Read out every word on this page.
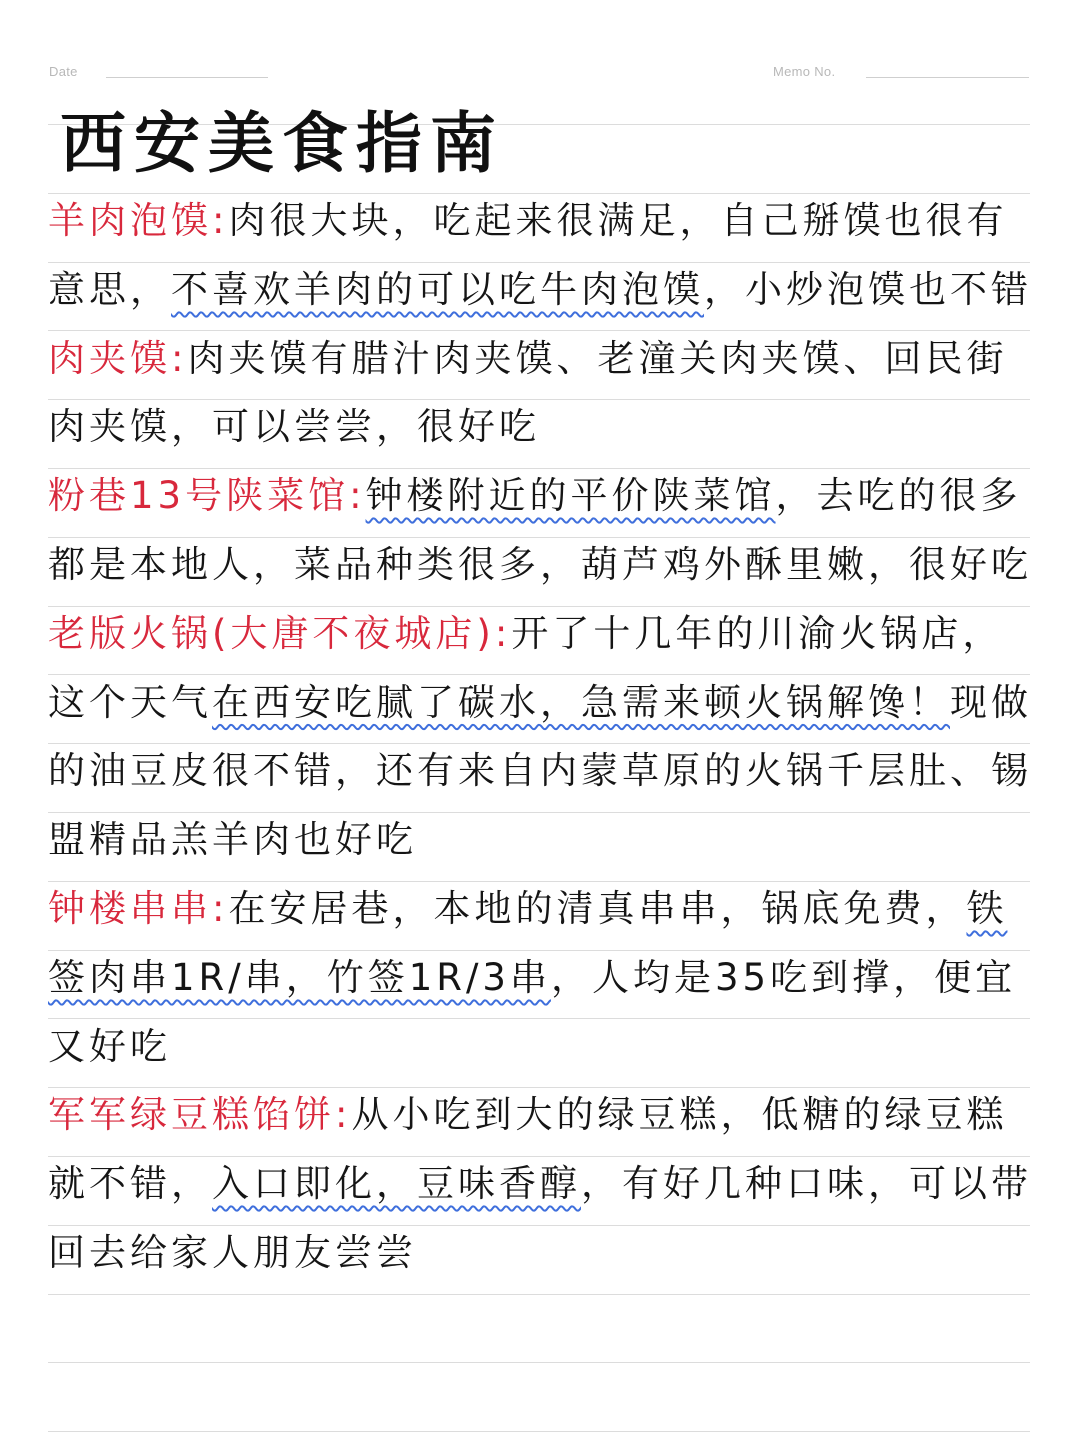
Date	Memo No.
西安美食指南

羊肉泡馍:肉很大块，吃起来很满足，自己掰馍也很有意思，不喜欢羊肉的可以吃牛肉泡馍，小炒泡馍也不错

肉夹馍:肉夹馍有腊汁肉夹馍、老潼关肉夹馍、回民街肉夹馍，可以尝尝，很好吃

粉巷13号陕菜馆:钟楼附近的平价陕菜馆，去吃的很多都是本地人，菜品种类很多，葫芦鸡外酥里嫩，很好吃

老版火锅(大唐不夜城店):开了十几年的川渝火锅店，这个天气在西安吃腻了碳水，急需来顿火锅解馋！现做的油豆皮很不错，还有来自内蒙草原的火锅千层肚、锡盟精品羔羊肉也好吃

钟楼串串:在安居巷，本地的清真串串，锅底免费，铁签肉串1R/串，竹签1R/3串，人均是35吃到撑，便宜又好吃

军军绿豆糕馅饼:从小吃到大的绿豆糕，低糖的绿豆糕就不错，入口即化，豆味香醇，有好几种口味，可以带回去给家人朋友尝尝
